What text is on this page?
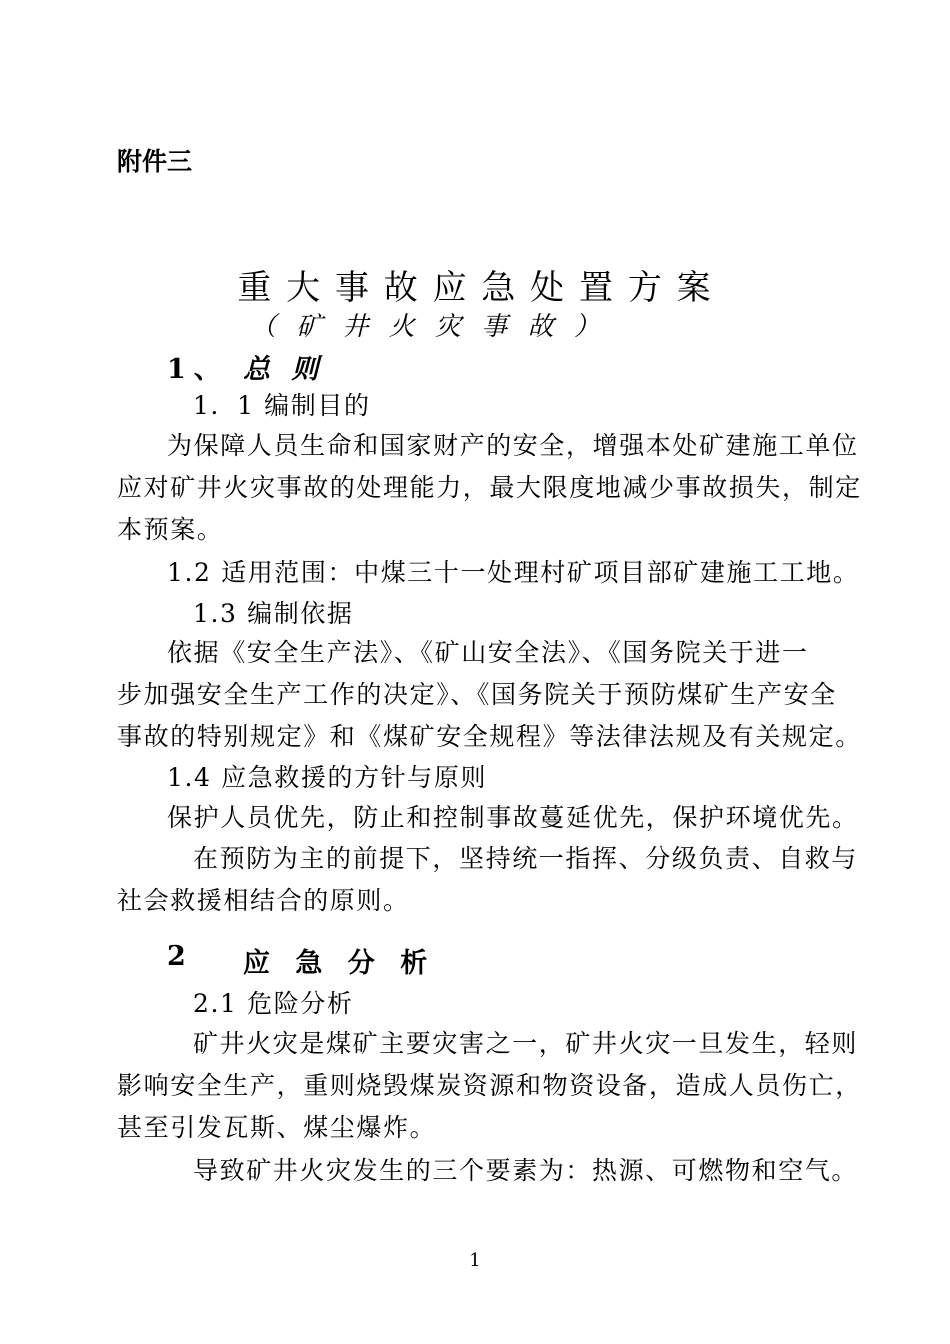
附件三
重 大 事 故 应 急 处 置 方 案
（ 矿 井 火 灾 事 故 ）
1、 总 则
1．1 编制目的
为保障人员生命和国家财产的安全，增强本处矿建施工单位
应对矿井火灾事故的处理能力，最大限度地减少事故损失，制定
本预案。
1.2 适用范围：中煤三十一处理村矿项目部矿建施工工地。
1.3 编制依据
依据《安全生产法》、《矿山安全法》、《国务院关于进一
步加强安全生产工作的决定》、《国务院关于预防煤矿生产安全
事故的特别规定》和《煤矿安全规程》等法律法规及有关规定。
1.4 应急救援的方针与原则
保护人员优先，防止和控制事故蔓延优先，保护环境优先。
在预防为主的前提下，坚持统一指挥、分级负责、自救与
社会救援相结合的原则。
2 应 急 分 析
2.1 危险分析
矿井火灾是煤矿主要灾害之一，矿井火灾一旦发生，轻则
影响安全生产，重则烧毁煤炭资源和物资设备，造成人员伤亡，
甚至引发瓦斯、煤尘爆炸。
导致矿井火灾发生的三个要素为：热源、可燃物和空气。
1
